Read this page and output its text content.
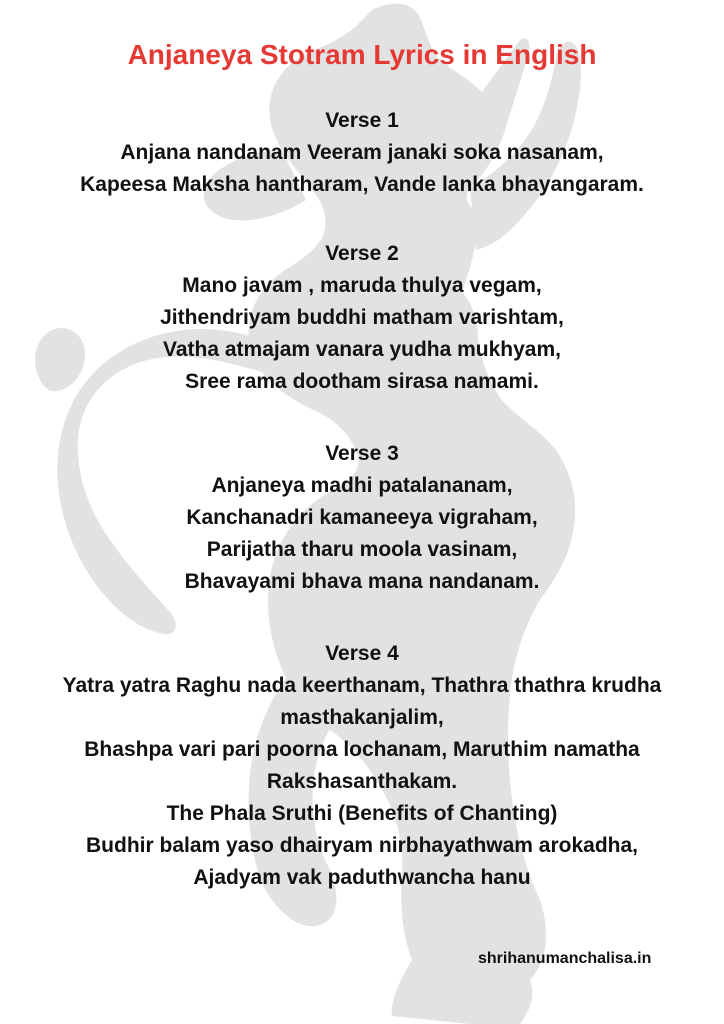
Anjaneya Stotram Lyrics in English
Verse 1
Anjana nandanam Veeram janaki soka nasanam,
Kapeesa Maksha hantharam, Vande lanka bhayangaram.
Verse 2
Mano javam , maruda thulya vegam,
Jithendriyam buddhi matham varishtam,
Vatha atmajam vanara yudha mukhyam,
Sree rama dootham sirasa namami.
Verse 3
Anjaneya madhi patalananam,
Kanchanadri kamaneeya vigraham,
Parijatha tharu moola vasinam,
Bhavayami bhava mana nandanam.
Verse 4
Yatra yatra Raghu nada keerthanam, Thathra thathra krudha
masthakanjalim,
Bhashpa vari pari poorna lochanam, Maruthim namatha
Rakshasanthakam.
The Phala Sruthi (Benefits of Chanting)
Budhir balam yaso dhairyam nirbhayathwam arokadha,
Ajadyam vak paduthwancha hanu
shrihanumanchalisa.in
